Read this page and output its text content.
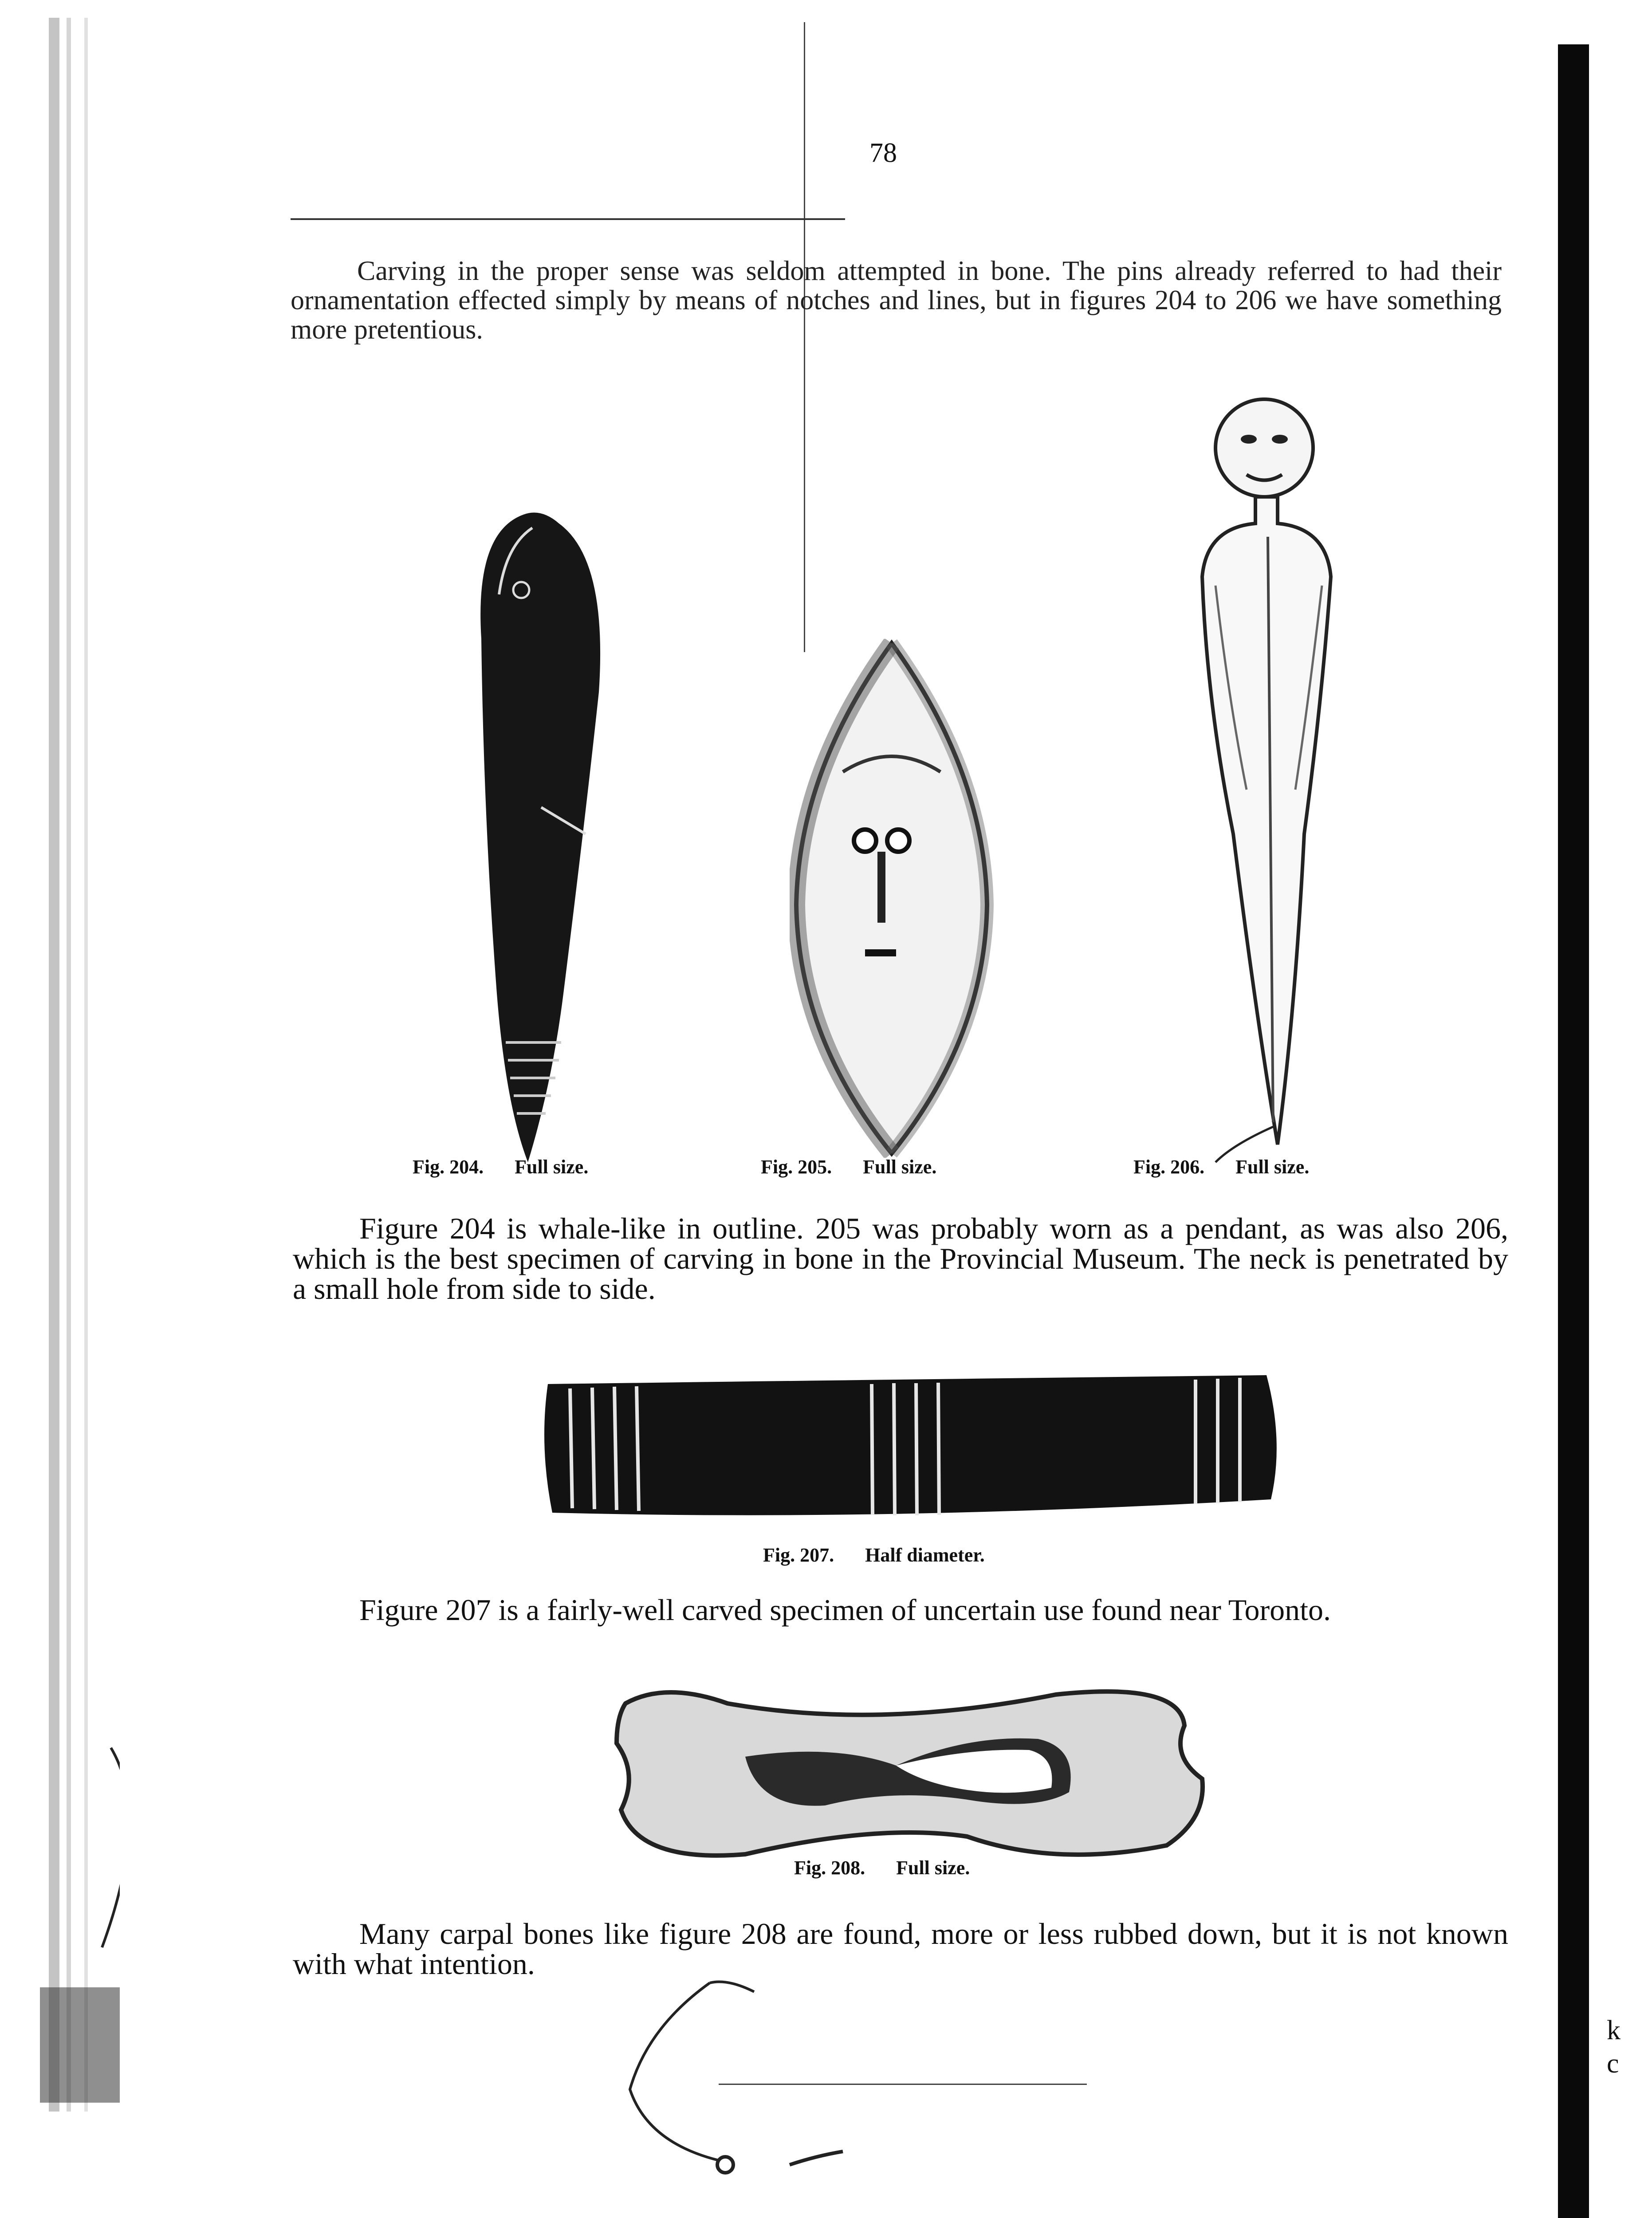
78

Carving in the proper sense was seldom attempted in bone. The pins already referred to had their ornamentation effected simply by means of notches and lines, but in figures 204 to 206 we have something more pretentious.

Fig. 204. Full size.	Fig. 205. Full size.	Fig. 206. Full size.

Figure 204 is whale-like in outline. 205 was probably worn as a pendant, as was also 206, which is the best specimen of carving in bone in the Provincial Museum. The neck is penetrated by a small hole from side to side.

Fig. 207. Half diameter.

Figure 207 is a fairly-well carved specimen of uncertain use found near Toronto.

Fig. 208. Full size.

Many carpal bones like figure 208 are found, more or less rubbed down, but it is not known with what intention.

k
c
